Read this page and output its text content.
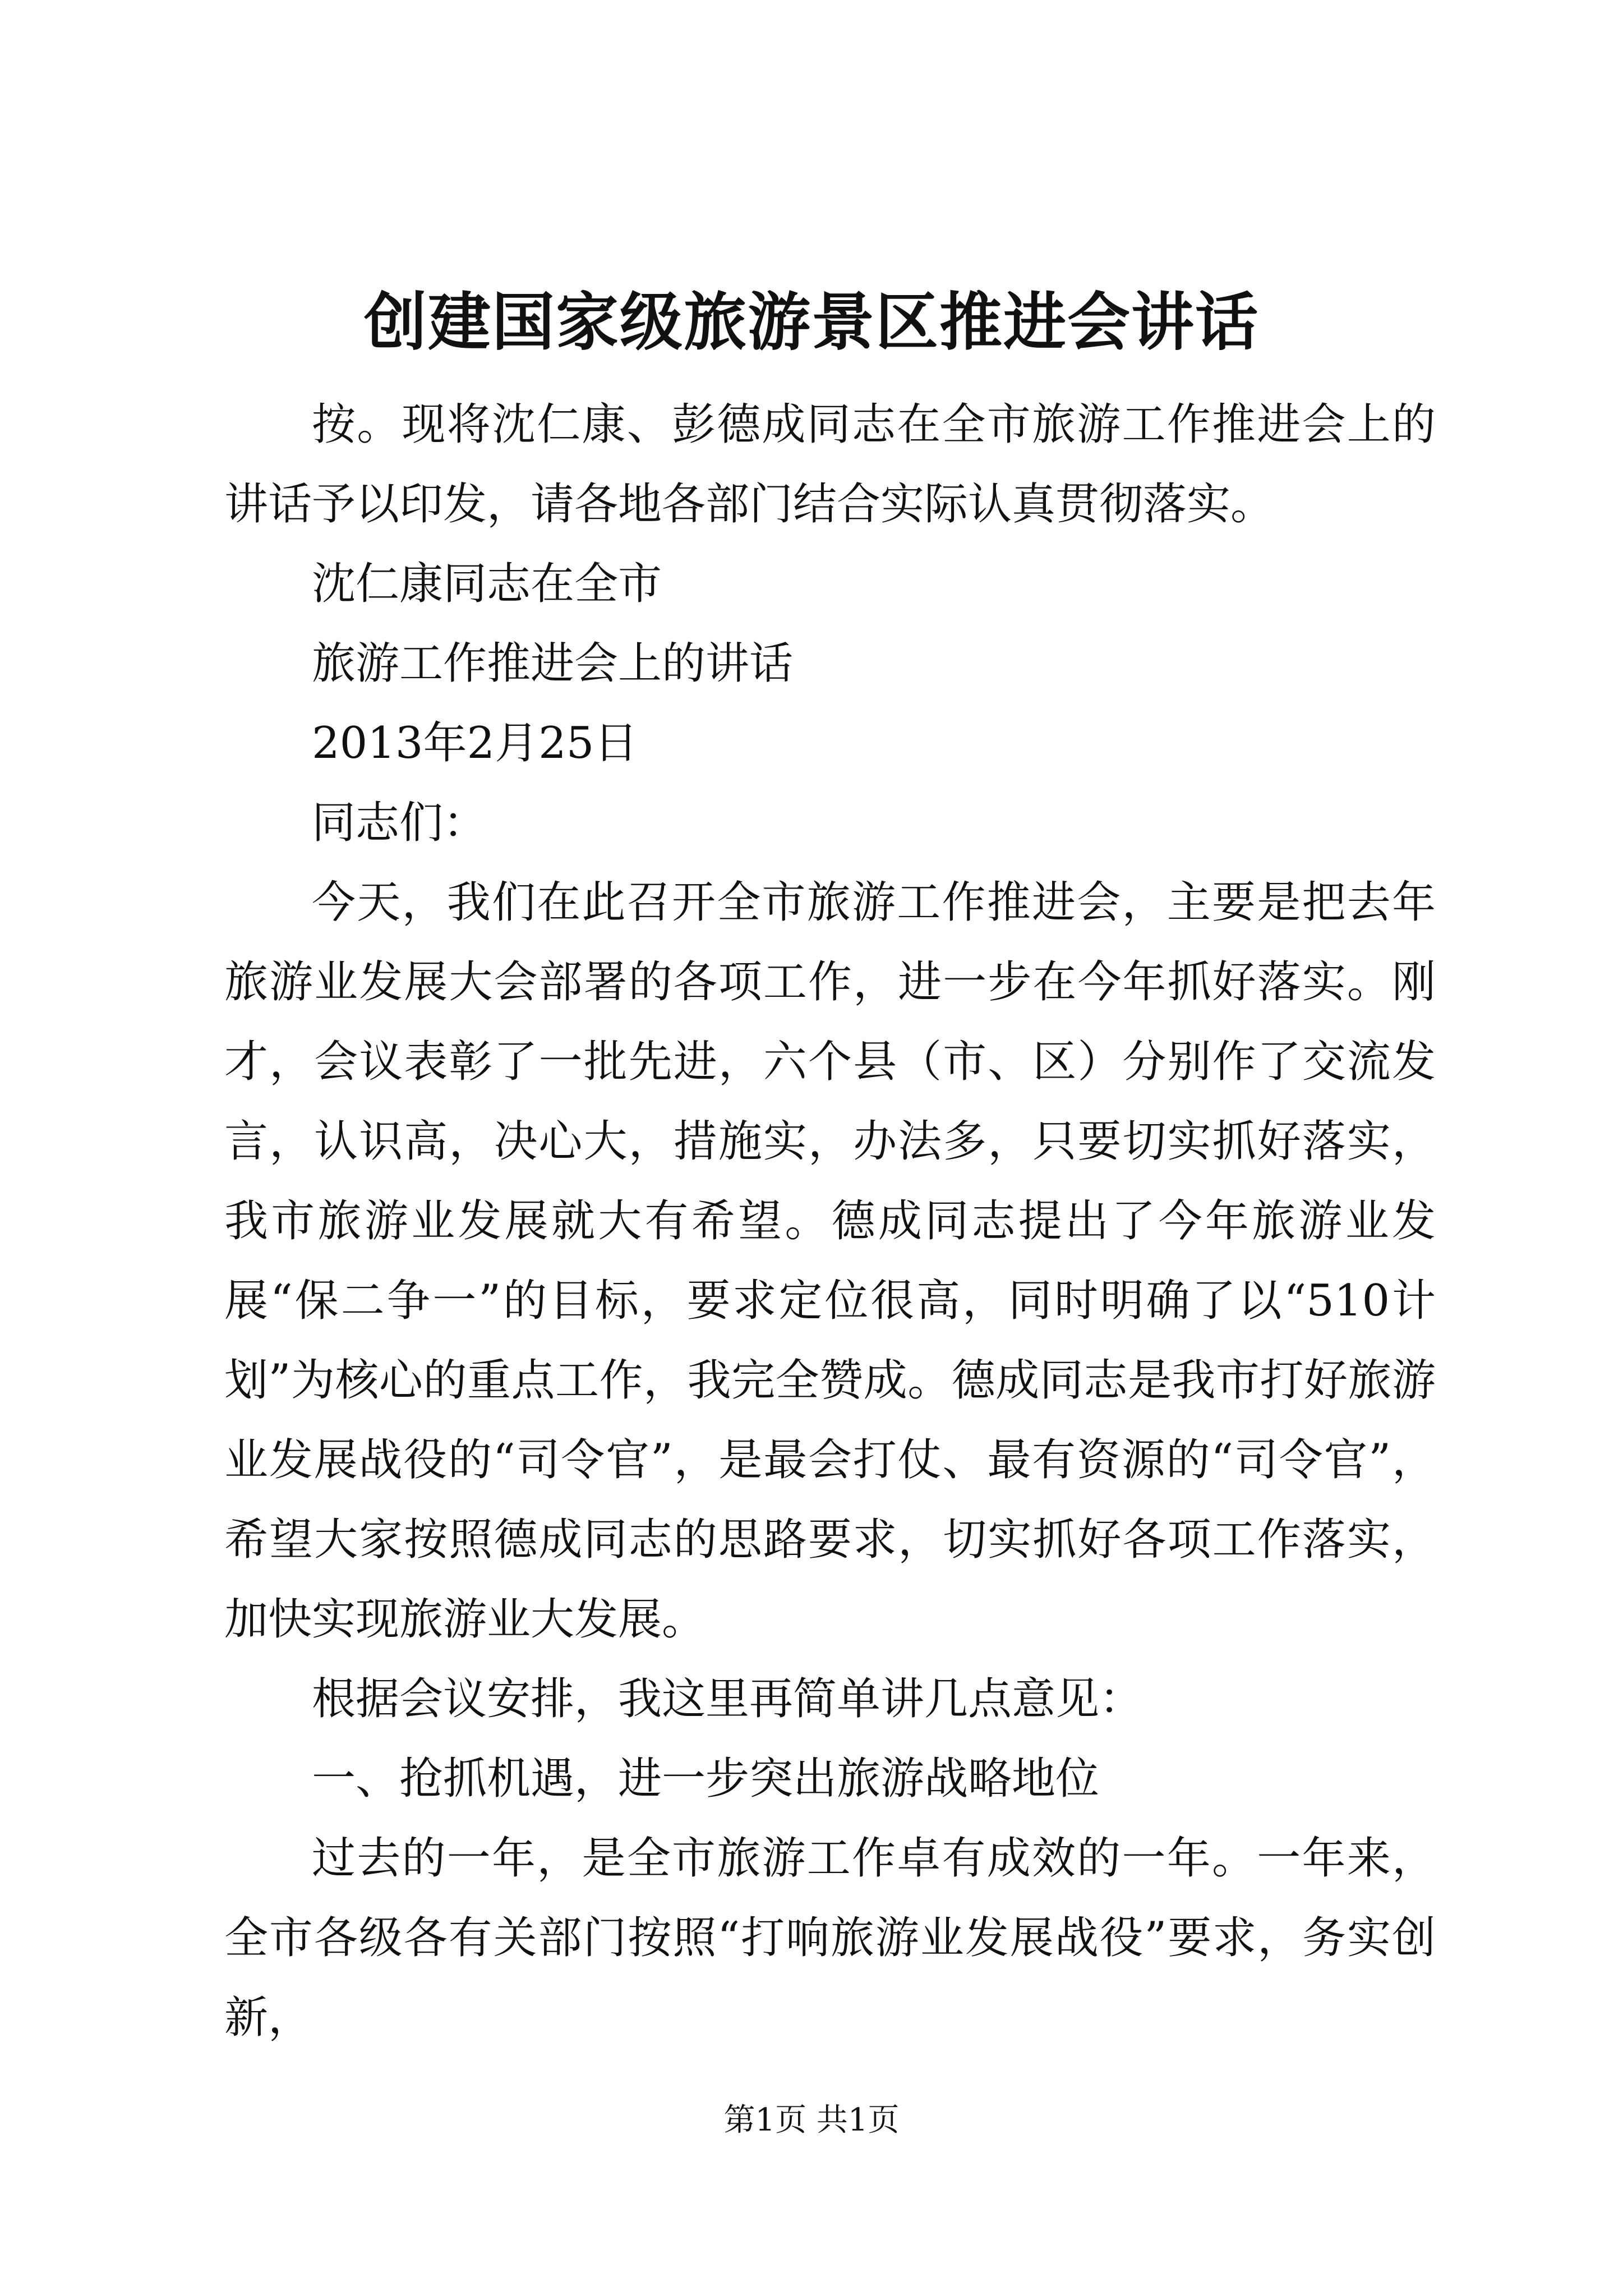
创建国家级旅游景区推进会讲话

按。现将沈仁康、彭德成同志在全市旅游工作推进会上的讲话予以印发，请各地各部门结合实际认真贯彻落实。

沈仁康同志在全市

旅游工作推进会上的讲话

2013年2月25日

同志们：

今天，我们在此召开全市旅游工作推进会，主要是把去年旅游业发展大会部署的各项工作，进一步在今年抓好落实。刚才，会议表彰了一批先进，六个县（市、区）分别作了交流发言，认识高，决心大，措施实，办法多，只要切实抓好落实，我市旅游业发展就大有希望。德成同志提出了今年旅游业发展“保二争一”的目标，要求定位很高，同时明确了以“510计划”为核心的重点工作，我完全赞成。德成同志是我市打好旅游业发展战役的“司令官”，是最会打仗、最有资源的“司令官”，希望大家按照德成同志的思路要求，切实抓好各项工作落实，加快实现旅游业大发展。

根据会议安排，我这里再简单讲几点意见：

一、抢抓机遇，进一步突出旅游战略地位

过去的一年，是全市旅游工作卓有成效的一年。一年来，全市各级各有关部门按照“打响旅游业发展战役”要求，务实创新，

第1页 共1页
